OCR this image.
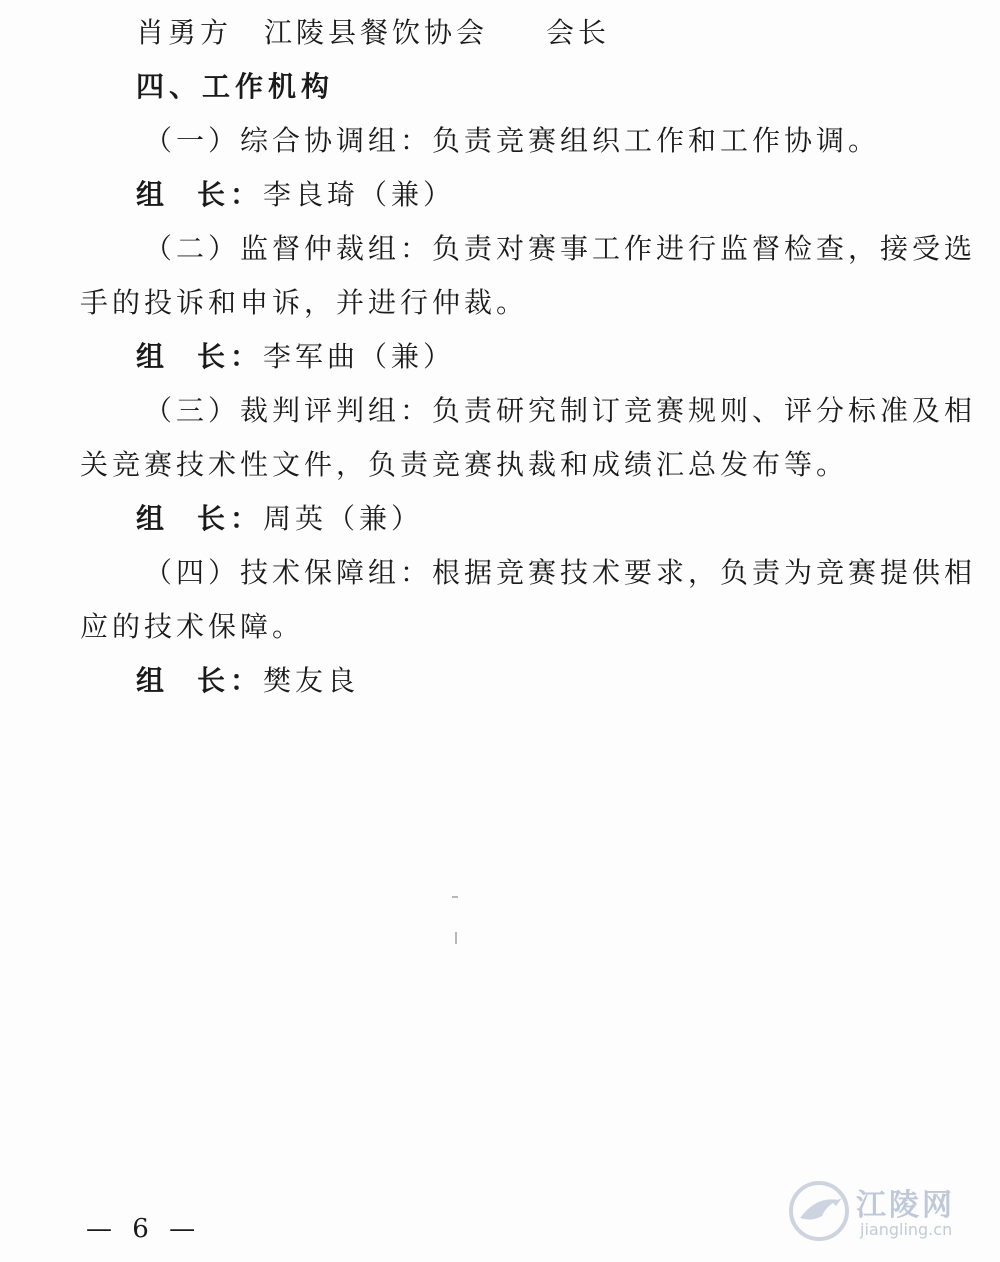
肖勇方 江陵县餐饮协会 会长
四、工作机构
（一）综合协调组：负责竞赛组织工作和工作协调。
组 长：李良琦（兼）
（二）监督仲裁组：负责对赛事工作进行监督检查，接受选
手的投诉和申诉，并进行仲裁。
组 长：李军曲（兼）
（三）裁判评判组：负责研究制订竞赛规则、评分标准及相
关竞赛技术性文件，负责竞赛执裁和成绩汇总发布等。
组 长：周英（兼）
（四）技术保障组：根据竞赛技术要求，负责为竞赛提供相
应的技术保障。
组 长：樊友良
— 6 —
江陵网
jiangling.cn
